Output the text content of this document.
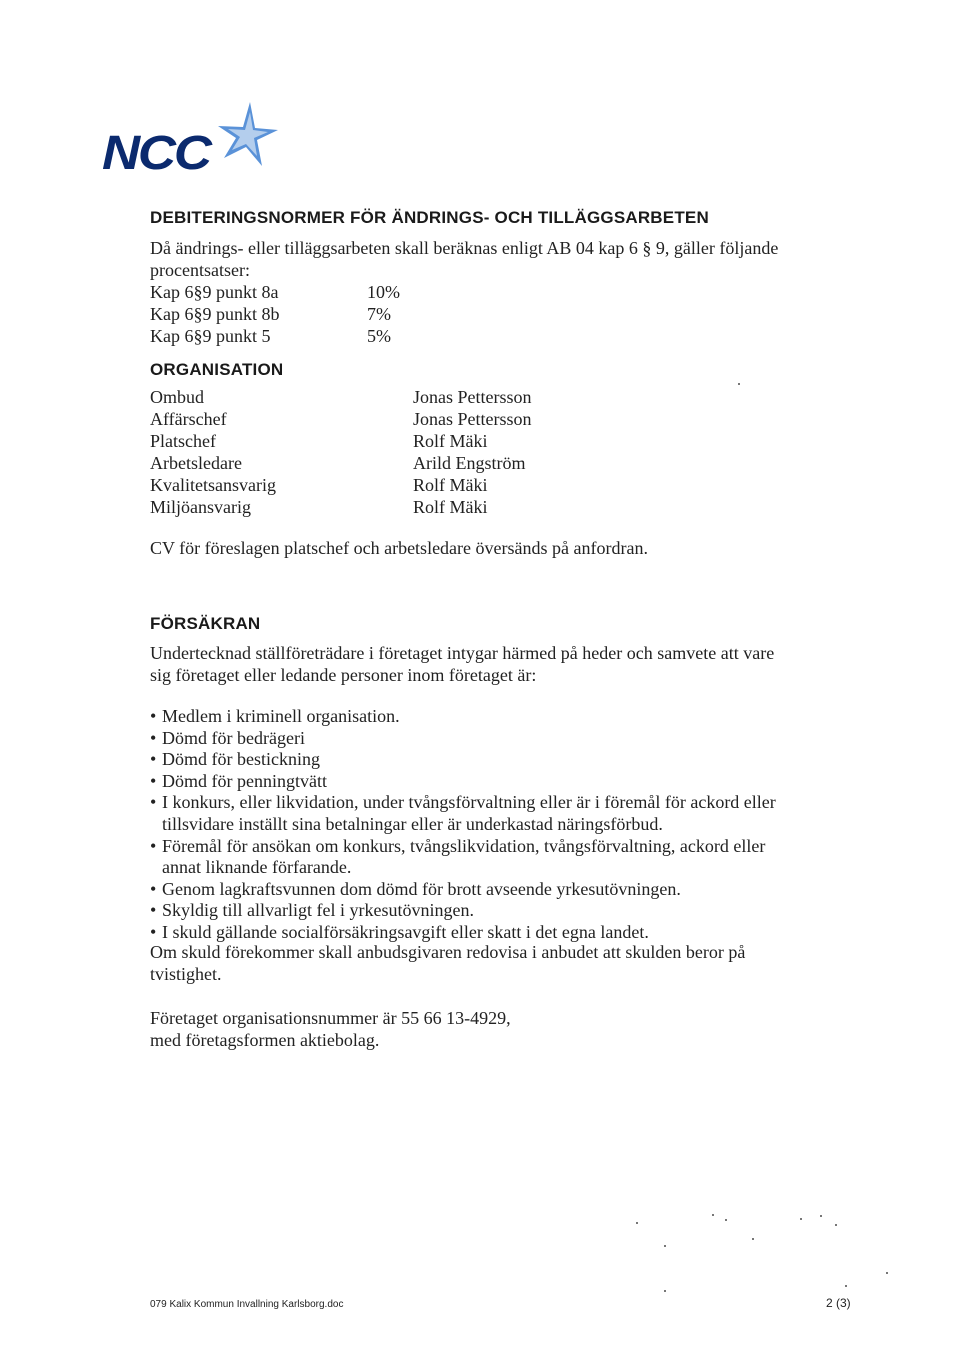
NCC
DEBITERINGSNORMER FÖR ÄNDRINGS- OCH TILLÄGGSARBETEN
Då ändrings- eller tilläggsarbeten skall beräknas enligt AB 04 kap 6 § 9, gäller följande
procentsatser:
Kap 6§9 punkt 8a	10%
Kap 6§9 punkt 8b	7%
Kap 6§9 punkt 5	5%
ORGANISATION
Ombud	Jonas Pettersson
Affärschef	Jonas Pettersson
Platschef	Rolf Mäki
Arbetsledare	Arild Engström
Kvalitetsansvarig	Rolf Mäki
Miljöansvarig	Rolf Mäki
CV för föreslagen platschef och arbetsledare översänds på anfordran.
FÖRSÄKRAN
Undertecknad ställföreträdare i företaget intygar härmed på heder och samvete att vare
sig företaget eller ledande personer inom företaget är:
• Medlem i kriminell organisation.
• Dömd för bedrägeri
• Dömd för bestickning
• Dömd för penningtvätt
• I konkurs, eller likvidation, under tvångsförvaltning eller är i föremål för ackord eller
tillsvidare inställt sina betalningar eller är underkastad näringsförbud.
• Föremål för ansökan om konkurs, tvångslikvidation, tvångsförvaltning, ackord eller
annat liknande förfarande.
• Genom lagkraftsvunnen dom dömd för brott avseende yrkesutövningen.
• Skyldig till allvarligt fel i yrkesutövningen.
• I skuld gällande socialförsäkringsavgift eller skatt i det egna landet.
Om skuld förekommer skall anbudsgivaren redovisa i anbudet att skulden beror på
tvistighet.
Företaget organisationsnummer är 55 66 13-4929,
med företagsformen aktiebolag.
079 Kalix Kommun Invallning Karlsborg.doc	2 (3)
